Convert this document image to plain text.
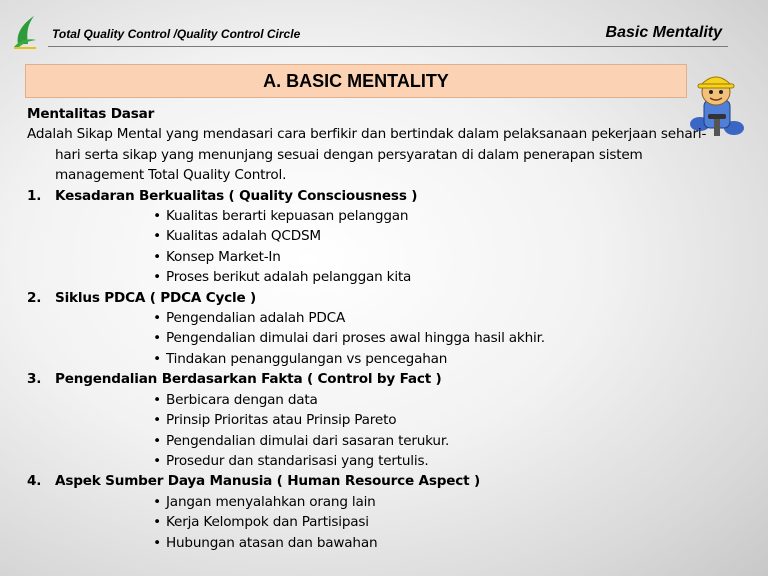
Total Quality Control /Quality Control Circle	Basic Mentality
A. BASIC MENTALITY

Mentalitas Dasar

Adalah Sikap Mental yang mendasari cara berfikir dan bertindak dalam pelaksanaan pekerjaan sehari-hari serta sikap yang menunjang sesuai dengan persyaratan di dalam penerapan sistem management Total Quality Control.

1.	Kesadaran Berkualitas ( Quality Consciousness )
• Kualitas berarti kepuasan pelanggan
• Kualitas adalah QCDSM
• Konsep Market-In
• Proses berikut adalah pelanggan kita
2.	Siklus PDCA ( PDCA Cycle )
• Pengendalian adalah PDCA
• Pengendalian dimulai dari proses awal hingga hasil akhir.
• Tindakan penanggulangan vs pencegahan
3.	Pengendalian Berdasarkan Fakta ( Control by Fact )
• Berbicara dengan data
• Prinsip Prioritas atau Prinsip Pareto
• Pengendalian dimulai dari sasaran terukur.
• Prosedur dan standarisasi yang tertulis.
4.	Aspek Sumber Daya Manusia ( Human Resource Aspect )
• Jangan menyalahkan orang lain
• Kerja Kelompok dan Partisipasi
• Hubungan atasan dan bawahan
